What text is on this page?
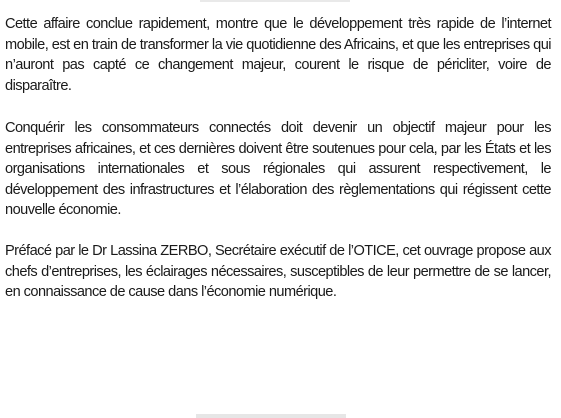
Cette affaire conclue rapidement, montre que le développement très rapide de l’internet mobile, est en train de transformer la vie quotidienne des Africains, et que les entreprises qui n’auront pas capté ce changement majeur, courent le risque de péricliter, voire de disparaître.

Conquérir les consommateurs connectés doit devenir un objectif majeur pour les entreprises africaines, et ces dernières doivent être soutenues pour cela, par les États et les organisations internationales et sous régionales qui assurent respectivement, le développement des infrastructures et l’élaboration des règlementations qui régissent cette nouvelle économie.

Préfacé par le Dr Lassina ZERBO, Secrétaire exécutif de l’OTICE, cet ouvrage propose aux chefs d’entreprises, les éclairages nécessaires, susceptibles de leur permettre de se lancer, en connaissance de cause dans l’économie numérique.
